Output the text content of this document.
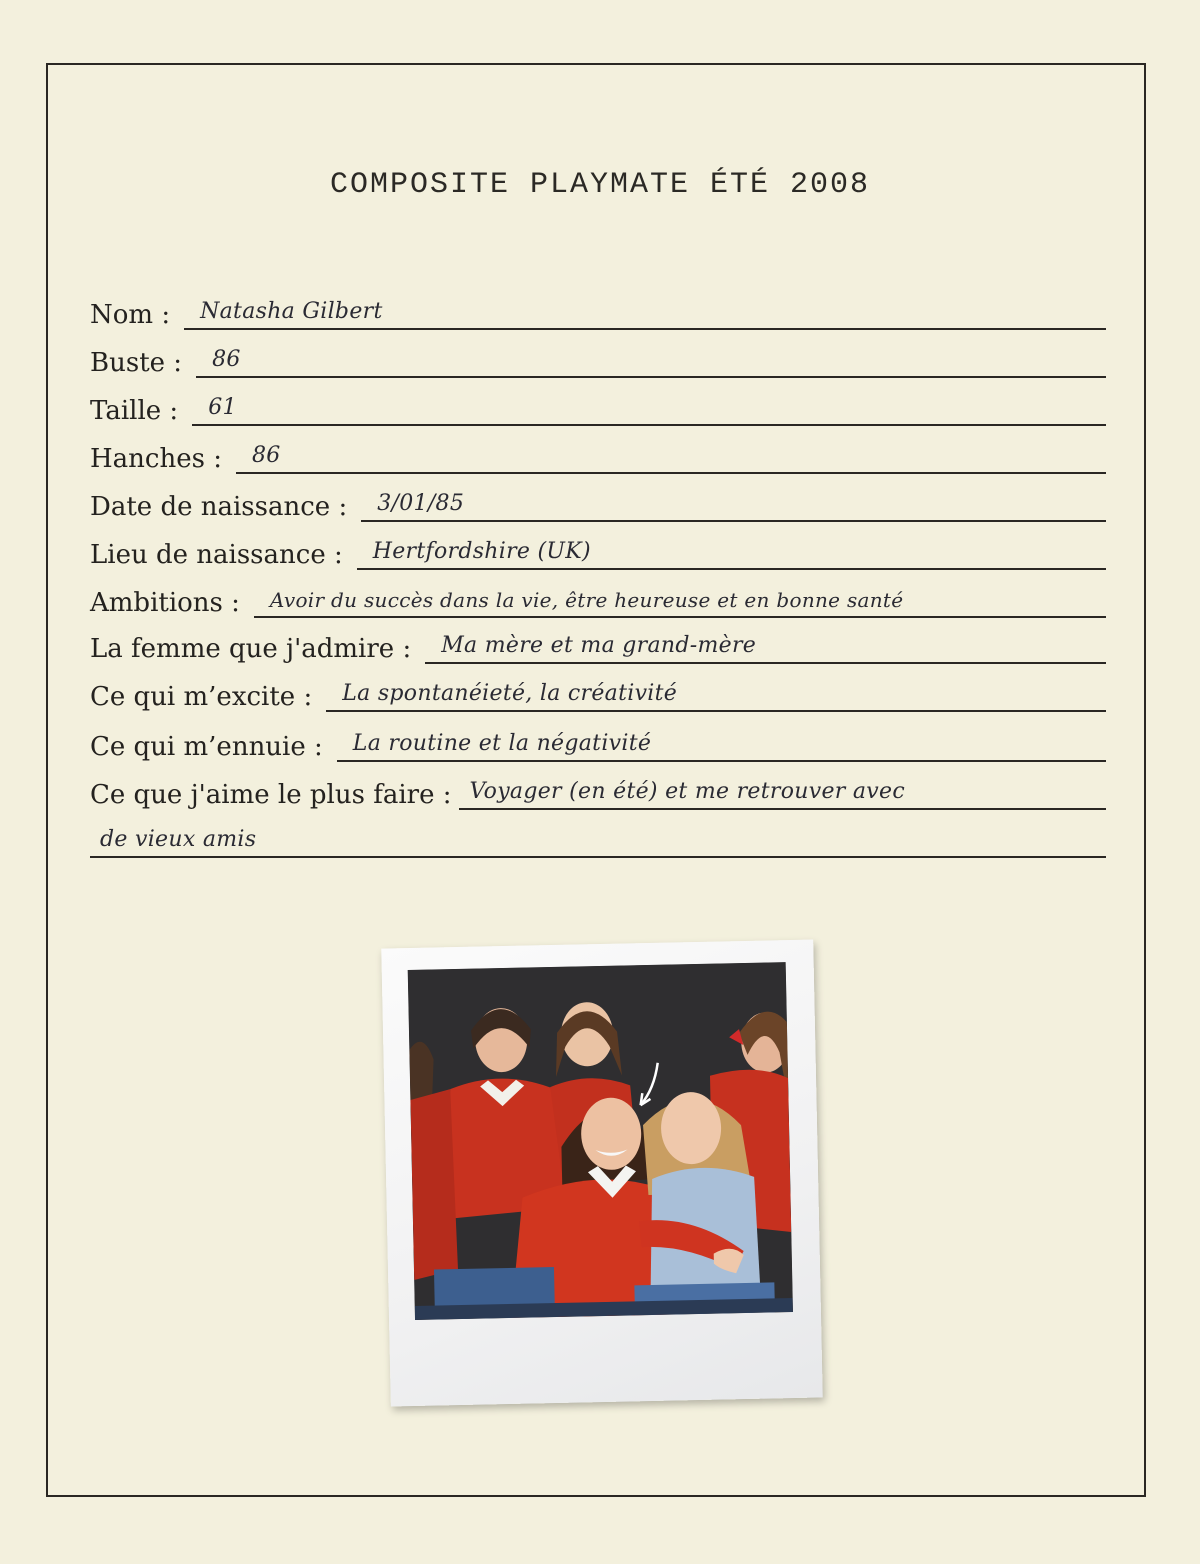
COMPOSITE PLAYMATE ÉTÉ 2008
Nom : Natasha Gilbert
Buste : 86
Taille : 61
Hanches : 86
Date de naissance : 3/01/85
Lieu de naissance : Hertfordshire (UK)
Ambitions : Avoir du succès dans la vie, être heureuse et en bonne santé
La femme que j'admire : Ma mère et ma grand-mère
Ce qui m’excite : La spontanéieté, la créativité
Ce qui m’ennuie : La routine et la négativité
Ce que j'aime le plus faire : Voyager (en été) et me retrouver avec
de vieux amis
